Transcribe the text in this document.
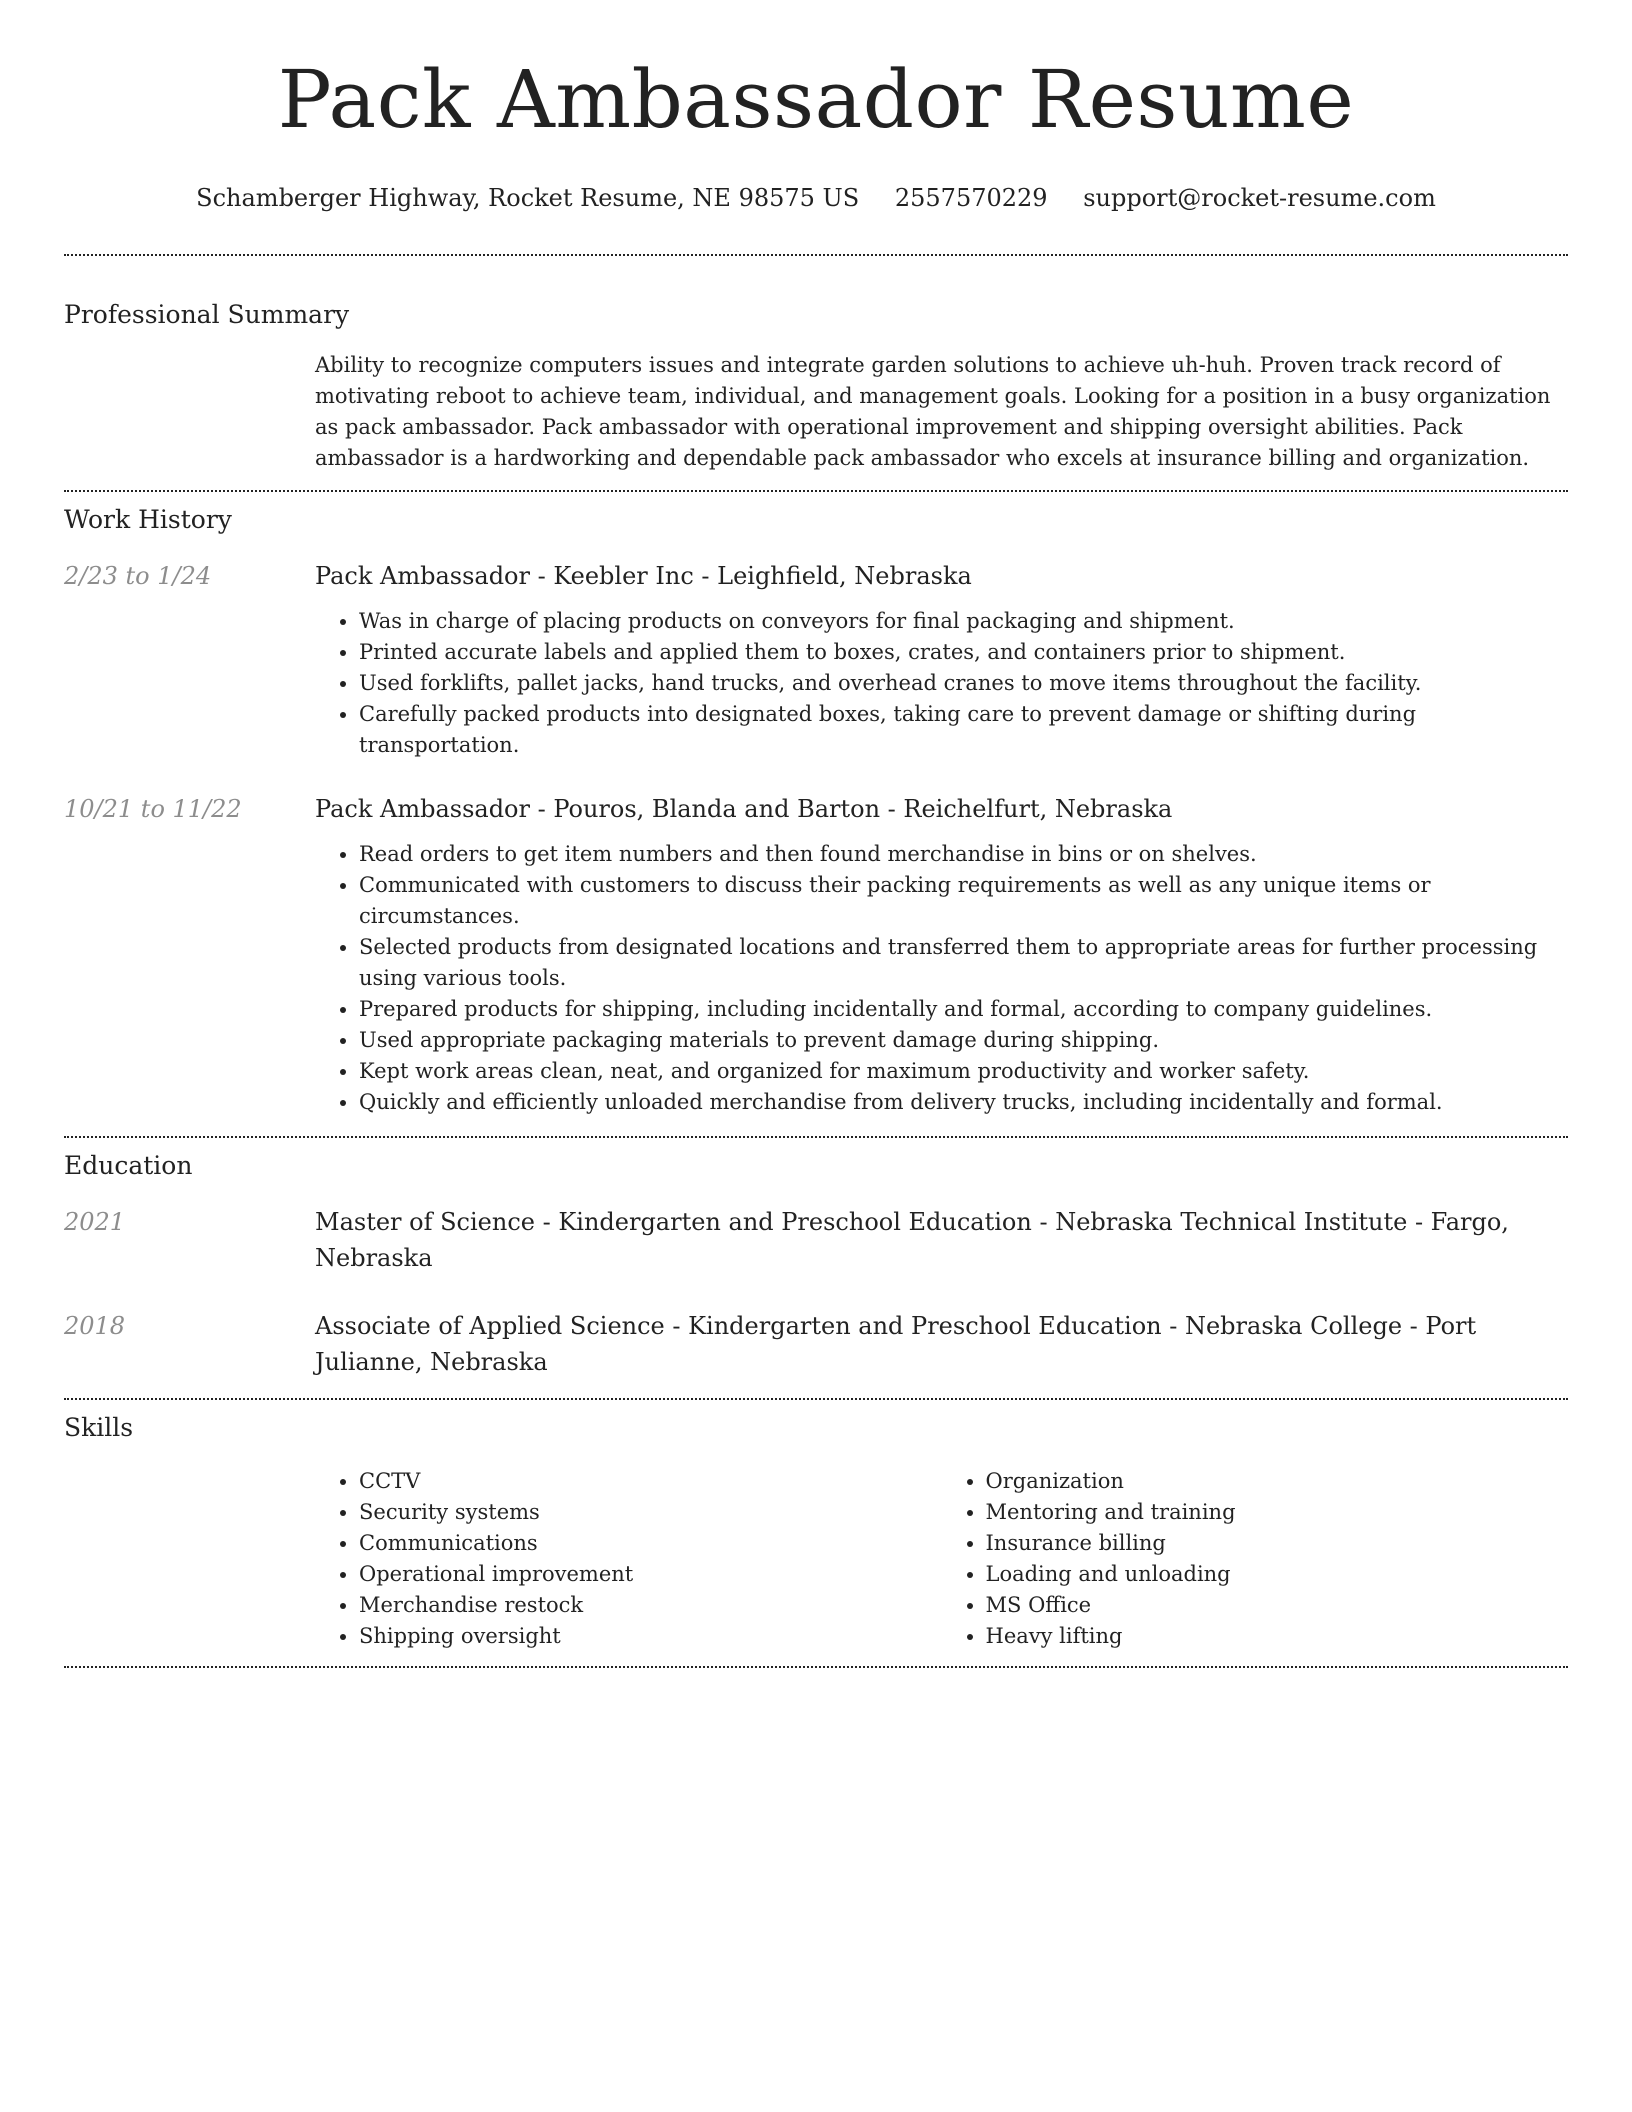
Pack Ambassador Resume
Schamberger Highway, Rocket Resume, NE 98575 US 2557570229 support@rocket-resume.com
Professional Summary

Ability to recognize computers issues and integrate garden solutions to achieve uh-huh. Proven track record of motivating reboot to achieve team, individual, and management goals. Looking for a position in a busy organization as pack ambassador. Pack ambassador with operational improvement and shipping oversight abilities. Pack ambassador is a hardworking and dependable pack ambassador who excels at insurance billing and organization.

Work History
2/23 to 1/24	Pack Ambassador - Keebler Inc - Leighfield, Nebraska
• Was in charge of placing products on conveyors for final packaging and shipment.
• Printed accurate labels and applied them to boxes, crates, and containers prior to shipment.
• Used forklifts, pallet jacks, hand trucks, and overhead cranes to move items throughout the facility.
• Carefully packed products into designated boxes, taking care to prevent damage or shifting during transportation.
10/21 to 11/22	Pack Ambassador - Pouros, Blanda and Barton - Reichelfurt, Nebraska
• Read orders to get item numbers and then found merchandise in bins or on shelves.
• Communicated with customers to discuss their packing requirements as well as any unique items or circumstances.
• Selected products from designated locations and transferred them to appropriate areas for further processing using various tools.
• Prepared products for shipping, including incidentally and formal, according to company guidelines.
• Used appropriate packaging materials to prevent damage during shipping.
• Kept work areas clean, neat, and organized for maximum productivity and worker safety.
• Quickly and efficiently unloaded merchandise from delivery trucks, including incidentally and formal.
Education
2021	Master of Science - Kindergarten and Preschool Education - Nebraska Technical Institute - Fargo, Nebraska
2018	Associate of Applied Science - Kindergarten and Preschool Education - Nebraska College - Port Julianne, Nebraska
Skills
• CCTV
• Security systems
• Communications
• Operational improvement
• Merchandise restock
• Shipping oversight
• Organization
• Mentoring and training
• Insurance billing
• Loading and unloading
• MS Office
• Heavy lifting
